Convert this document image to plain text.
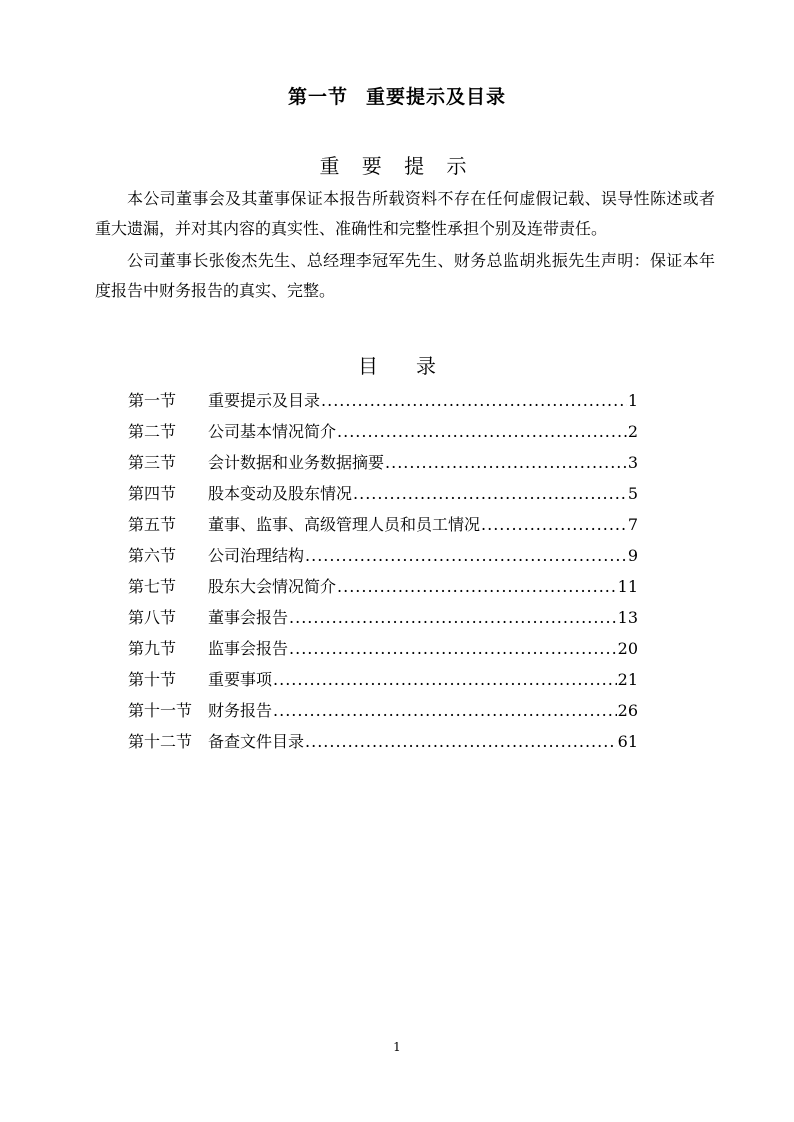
第一节 重要提示及目录
重 要 提 示

本公司董事会及其董事保证本报告所载资料不存在任何虚假记载、误导性陈述或者重大遗漏，并对其内容的真实性、准确性和完整性承担个别及连带责任。

公司董事长张俊杰先生、总经理李冠军先生、财务总监胡兆振先生声明：保证本年度报告中财务报告的真实、完整。

目 录
第一节	重要提示及目录 .....	1
第二节	公司基本情况简介 .....	2
第三节	会计数据和业务数据摘要 .....	3
第四节	股本变动及股东情况 .....	5
第五节	董事、监事、高级管理人员和员工情况 .....	7
第六节	公司治理结构 .....	9
第七节	股东大会情况简介 .....	11
第八节	董事会报告 .....	13
第九节	监事会报告 .....	20
第十节	重要事项 .....	21
第十一节 财务报告 .....	26
第十二节 备查文件目录 .....	61
1
